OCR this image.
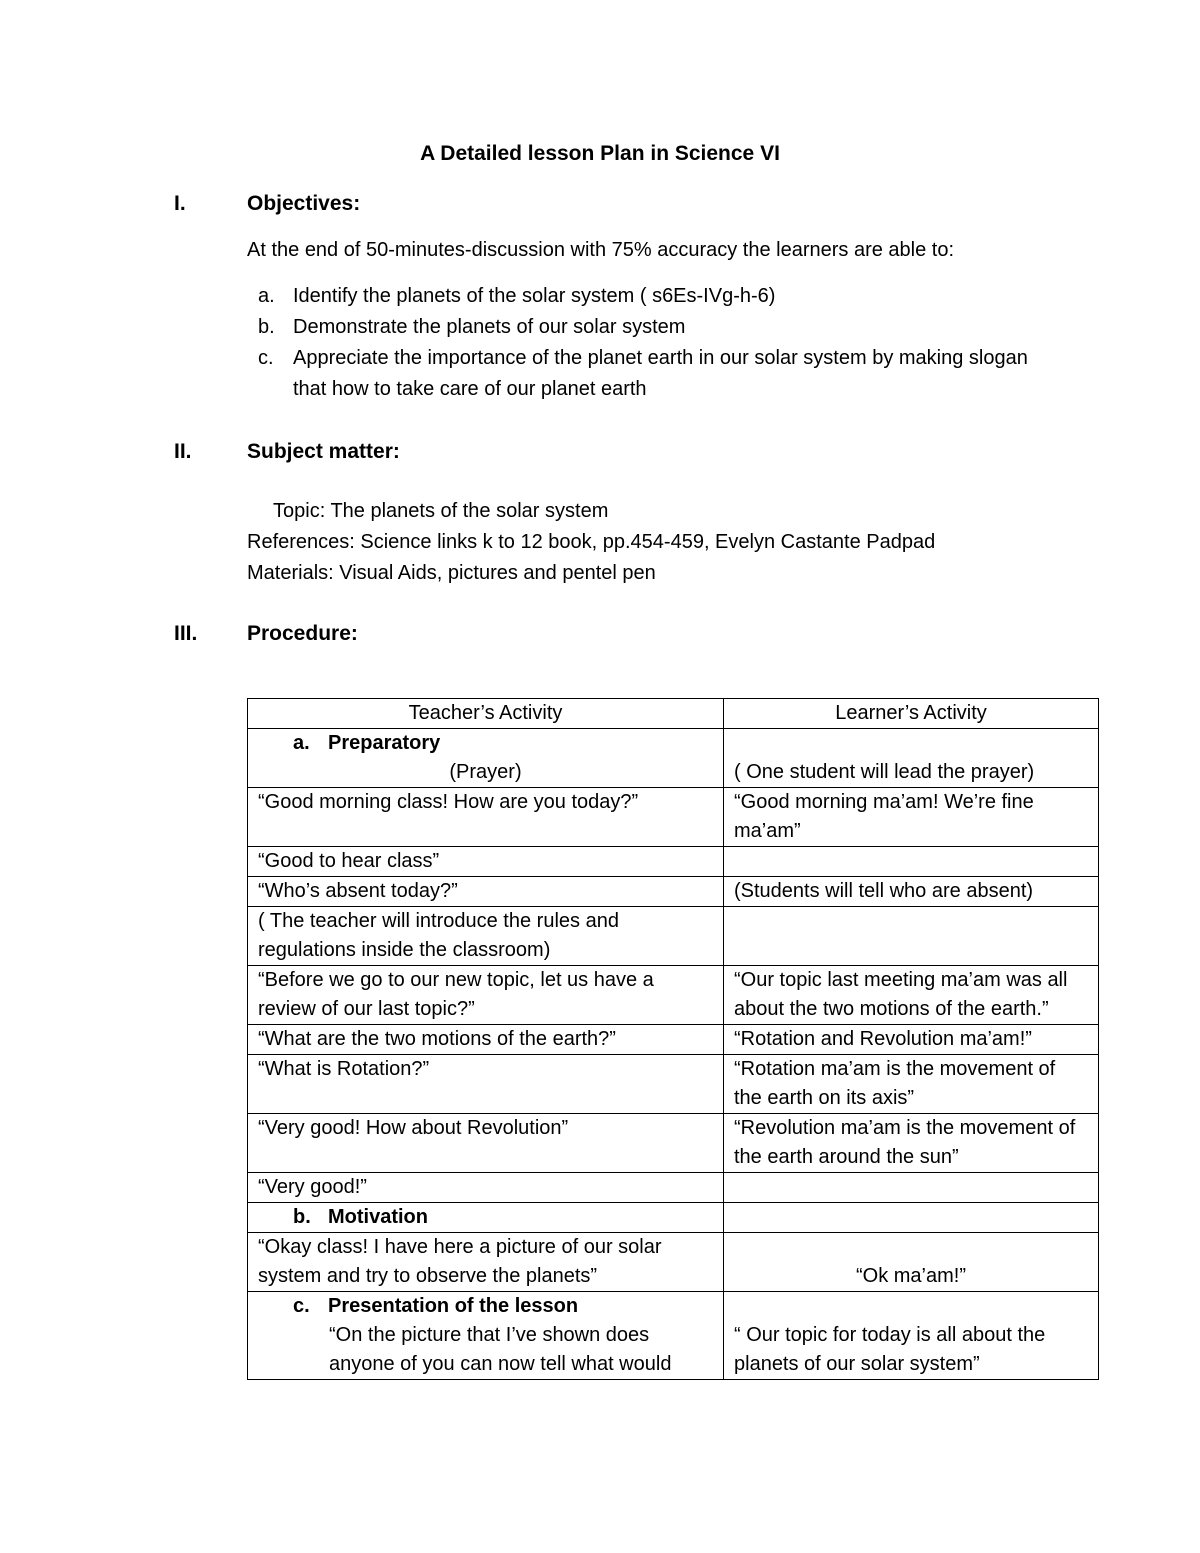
A Detailed lesson Plan in Science VI
I.	Objectives:
At the end of 50-minutes-discussion with 75% accuracy the learners are able to:
a. Identify the planets of the solar system ( s6Es-IVg-h-6)
b. Demonstrate the planets of our solar system
c. Appreciate the importance of the planet earth in our solar system by making slogan that how to take care of our planet earth
II.	Subject matter:
Topic: The planets of the solar system
References: Science links k to 12 book, pp.454-459, Evelyn Castante Padpad
Materials: Visual Aids, pictures and pentel pen
III. Procedure:
Teacher’s Activity	Learner’s Activity

a. Preparatory
(Prayer)	( One student will lead the prayer)
“Good morning class! How are you today?”	“Good morning ma’am! We’re fine ma’am”
“Good to hear class”	
“Who’s absent today?”	(Students will tell who are absent)
( The teacher will introduce the rules and regulations inside the classroom)	
“Before we go to our new topic, let us have a review of our last topic?”	“Our topic last meeting ma’am was all about the two motions of the earth.”
“What are the two motions of the earth?”	“Rotation and Revolution ma’am!”
“What is Rotation?”	“Rotation ma’am is the movement of the earth on its axis”
“Very good! How about Revolution”	“Revolution ma’am is the movement of the earth around the sun”
“Very good!”	

b. Motivation	

“Okay class! I have here a picture of our solar system and try to observe the planets”	“Ok ma’am!”

c. Presentation of the lesson
“On the picture that I’ve shown does anyone of you can now tell what would	“ Our topic for today is all about the planets of our solar system”
